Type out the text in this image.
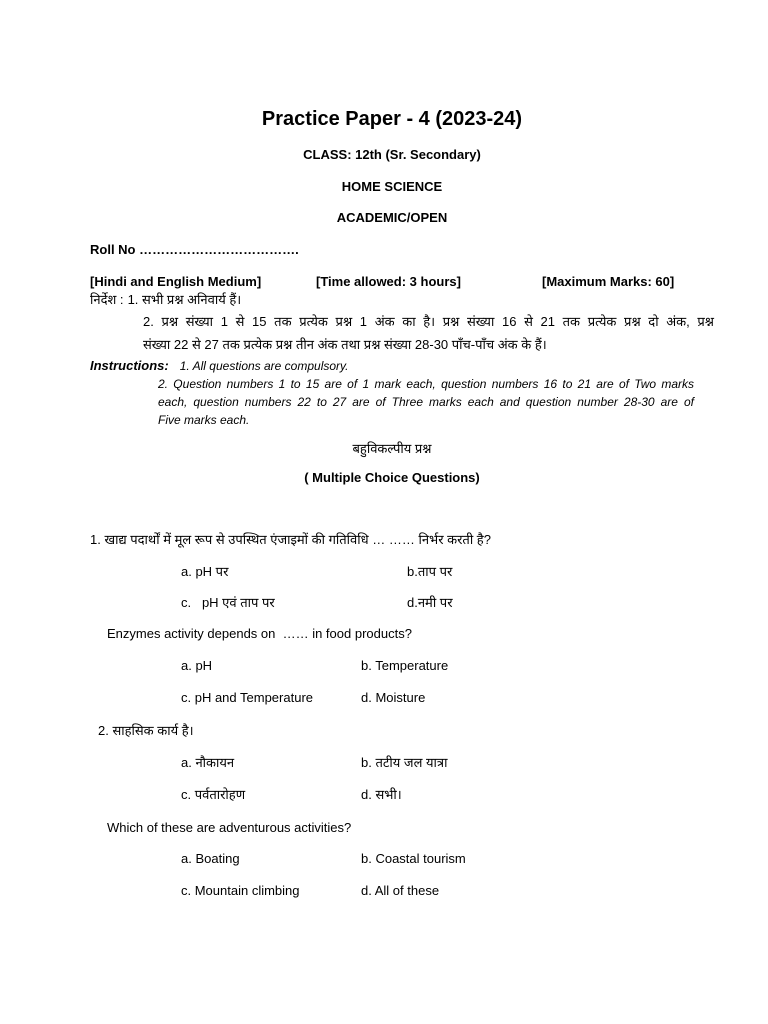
Practice Paper - 4 (2023-24)
CLASS: 12th (Sr. Secondary)
HOME SCIENCE
ACADEMIC/OPEN
Roll No ……………………………….
[Hindi and English Medium]	[Time allowed: 3 hours]	[Maximum Marks: 60]
निर्देश : 1. सभी प्रश्न अनिवार्य हैं।
2. प्रश्न संख्या 1 से 15 तक प्रत्येक प्रश्न 1 अंक का है। प्रश्न संख्या 16 से 21 तक प्रत्येक प्रश्न दो अंक, प्रश्न
संख्या 22 से 27 तक प्रत्येक प्रश्न तीन अंक तथा प्रश्न संख्या 28-30 पाँच-पाँच अंक के हैं।
Instructions: 1. All questions are compulsory.
2. Question numbers 1 to 15 are of 1 mark each, question numbers 16 to 21 are of Two marks
each, question numbers 22 to 27 are of Three marks each and question number 28-30 are of
Five marks each.
बहुविकल्पीय प्रश्न
( Multiple Choice Questions)
1. खाद्य पदार्थों में मूल रूप से उपस्थित एंजाइमों की गतिविधि … …… निर्भर करती है?
a. pH पर	b.ताप पर
c.   pH एवं ताप पर	d.नमी पर
Enzymes activity depends on  …… in food products?
a. pH	b. Temperature
c. pH and Temperature	d. Moisture
2. साहसिक कार्य है।
a. नौकायन	b. तटीय जल यात्रा
c. पर्वतारोहण	d. सभी।
Which of these are adventurous activities?
a. Boating	b. Coastal tourism
c. Mountain climbing	d. All of these
